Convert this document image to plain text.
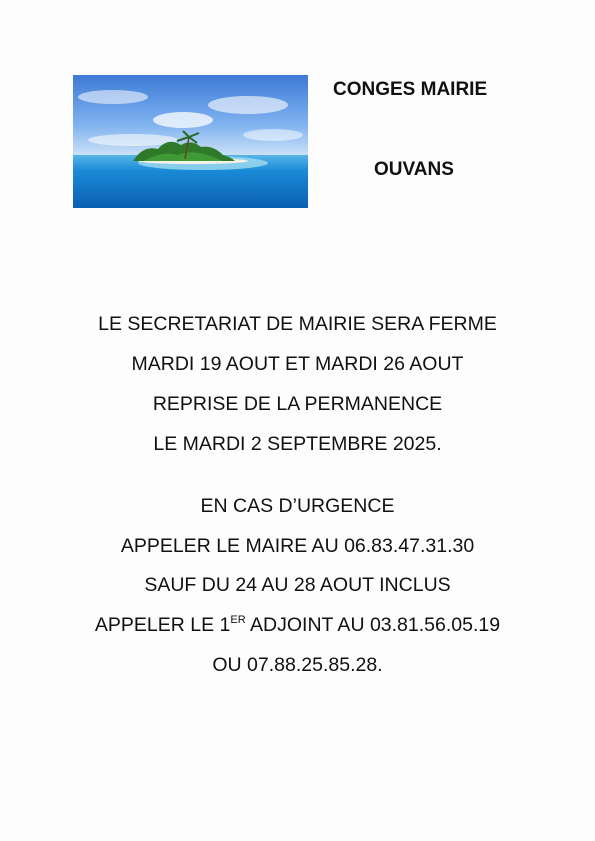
CONGES MAIRIE
OUVANS
LE SECRETARIAT DE MAIRIE SERA FERME
MARDI 19 AOUT ET MARDI 26 AOUT
REPRISE DE LA PERMANENCE
LE MARDI 2 SEPTEMBRE 2025.
EN CAS D’URGENCE
APPELER LE MAIRE AU 06.83.47.31.30
SAUF DU 24 AU 28 AOUT INCLUS
APPELER LE 1ER ADJOINT AU 03.81.56.05.19
OU 07.88.25.85.28.
